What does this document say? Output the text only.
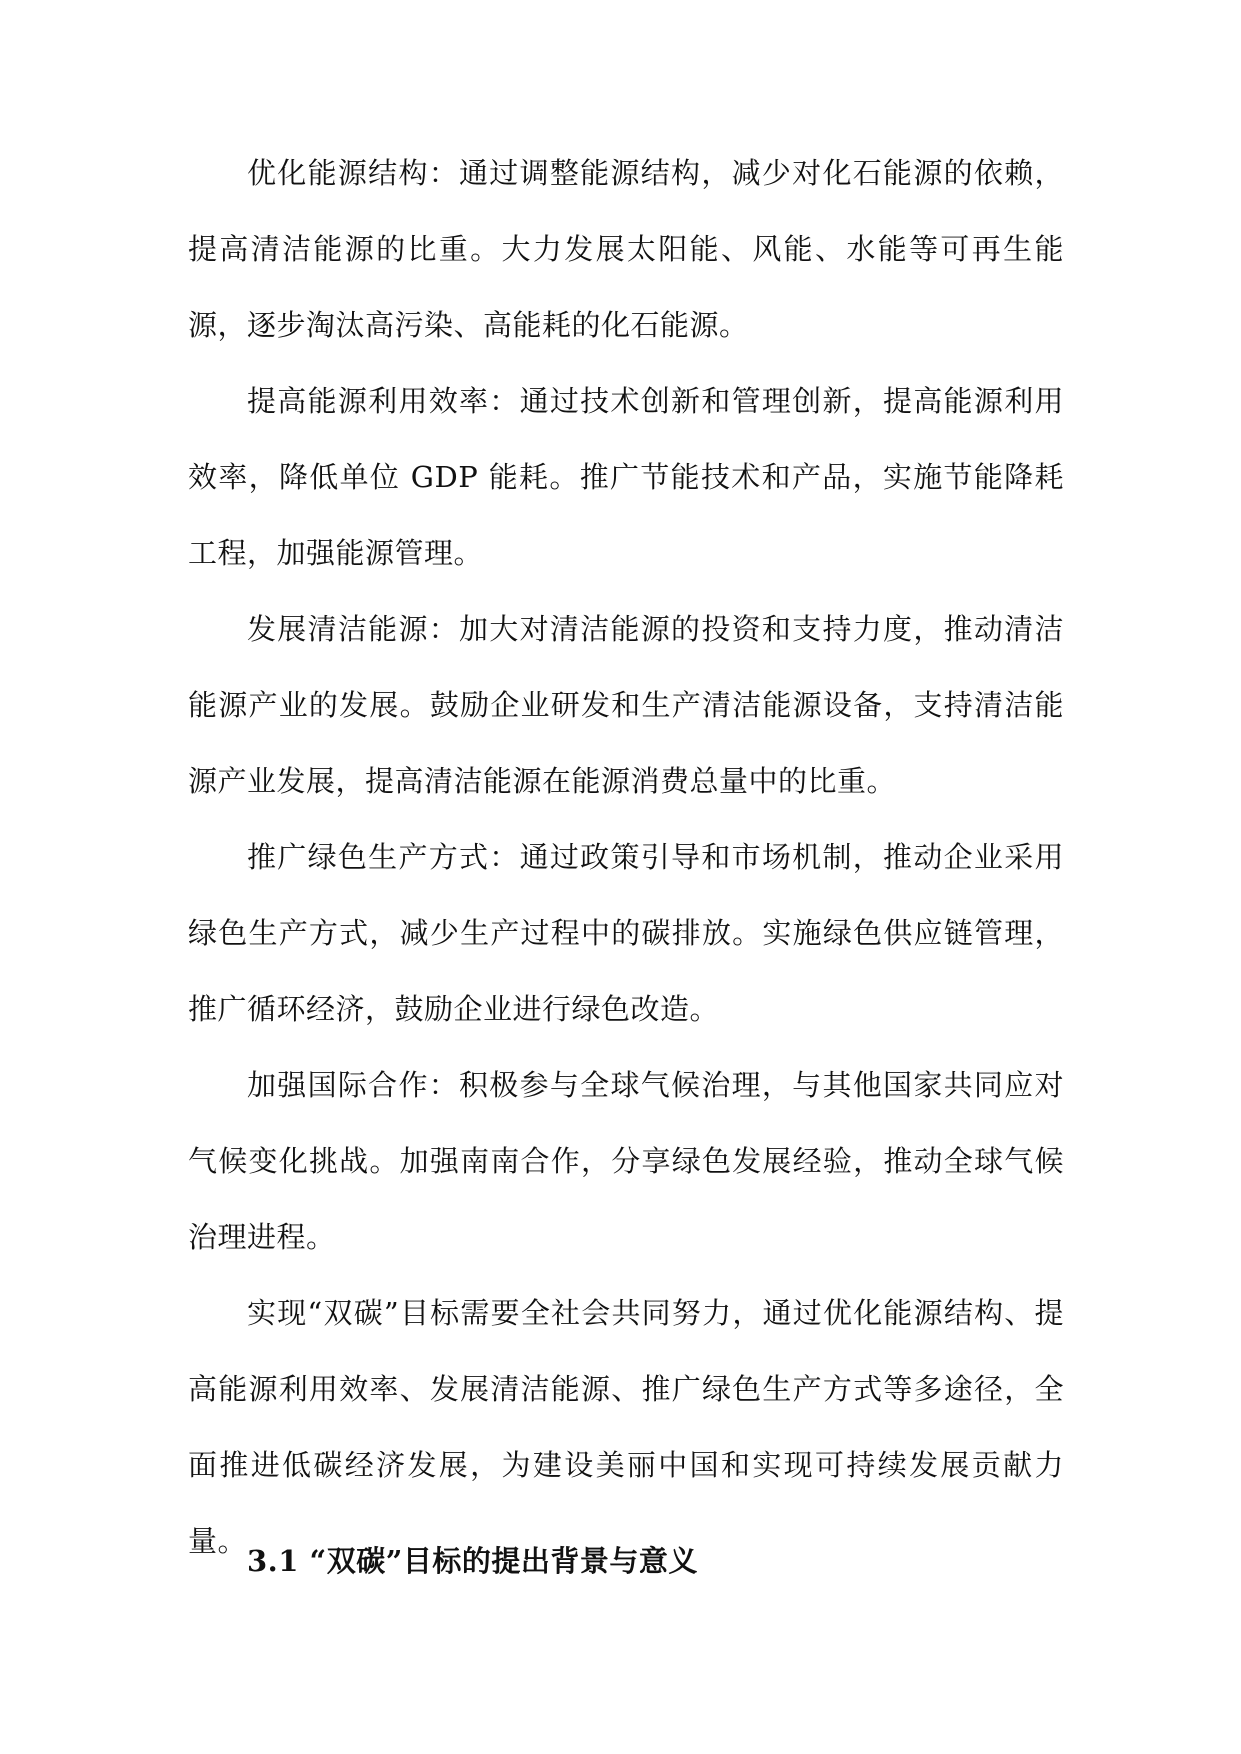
优化能源结构：通过调整能源结构，减少对化石能源的依赖，提高清洁能源的比重。大力发展太阳能、风能、水能等可再生能源，逐步淘汰高污染、高能耗的化石能源。

提高能源利用效率：通过技术创新和管理创新，提高能源利用效率，降低单位 GDP 能耗。推广节能技术和产品，实施节能降耗工程，加强能源管理。

发展清洁能源：加大对清洁能源的投资和支持力度，推动清洁能源产业的发展。鼓励企业研发和生产清洁能源设备，支持清洁能源产业发展，提高清洁能源在能源消费总量中的比重。

推广绿色生产方式：通过政策引导和市场机制，推动企业采用绿色生产方式，减少生产过程中的碳排放。实施绿色供应链管理，推广循环经济，鼓励企业进行绿色改造。

加强国际合作：积极参与全球气候治理，与其他国家共同应对气候变化挑战。加强南南合作，分享绿色发展经验，推动全球气候治理进程。

实现“双碳”目标需要全社会共同努力，通过优化能源结构、提高能源利用效率、发展清洁能源、推广绿色生产方式等多途径，全面推进低碳经济发展，为建设美丽中国和实现可持续发展贡献力量。

3.1 “双碳”目标的提出背景与意义
